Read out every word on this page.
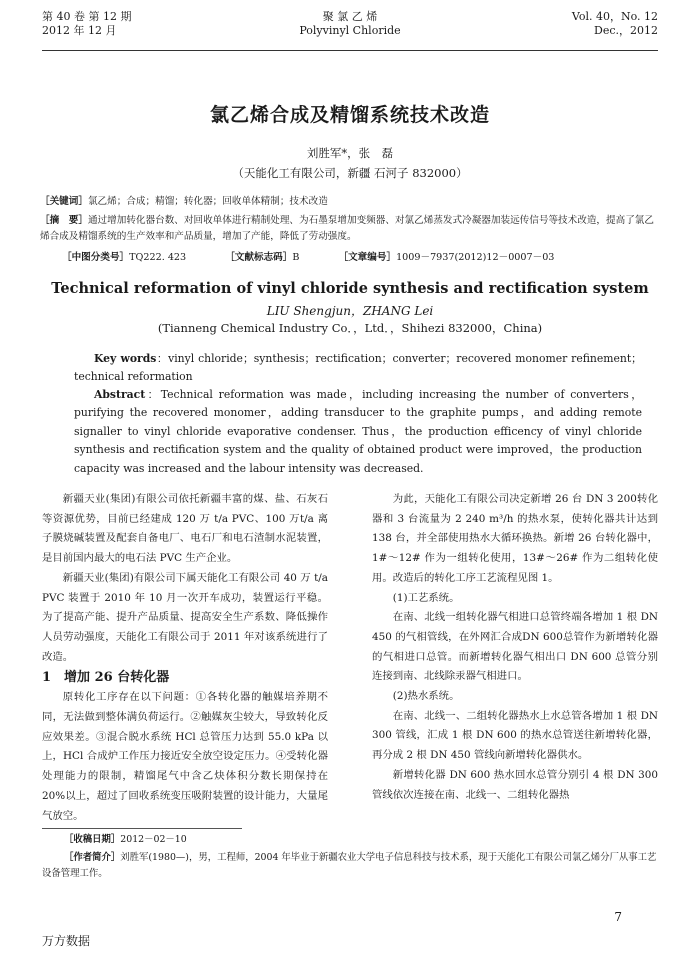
第 40 卷 第 12 期
2012 年 12 月
聚 氯 乙 烯
Polyvinyl Chloride
Vol. 40，No. 12
Dec.，2012
氯乙烯合成及精馏系统技术改造
刘胜军*，张　磊
（天能化工有限公司，新疆 石河子 832000）
［关键词］氯乙烯；合成；精馏；转化器；回收单体精制；技术改造
［摘　要］通过增加转化器台数、对回收单体进行精制处理、为石墨泵增加变频器、对氯乙烯蒸发式冷凝器加装远传信号等技术改造，提高了氯乙烯合成及精馏系统的生产效率和产品质量，增加了产能，降低了劳动强度。
［中图分类号］TQ222. 423	［文献标志码］B	［文章编号］1009－7937(2012)12－0007－03
Technical reformation of vinyl chloride synthesis and rectification system
LIU Shengjun，ZHANG Lei
(Tianneng Chemical Industry Co．，Ltd．，Shihezi 832000，China)
Key words：vinyl chloride；synthesis；rectification；converter；recovered monomer refinement；technical reformation
Abstract：Technical reformation was made，including increasing the number of converters，purifying the recovered monomer，adding transducer to the graphite pumps，and adding remote signaller to vinyl chloride evaporative condenser. Thus，the production efficency of vinyl chloride synthesis and rectification system and the quality of obtained product were improved，the production capacity was increased and the labour intensity was decreased.

新疆天业(集团)有限公司依托新疆丰富的煤、盐、石灰石等资源优势，目前已经建成 120 万 t/a PVC、100 万t/a 离子膜烧碱装置及配套自备电厂、电石厂和电石渣制水泥装置，是目前国内最大的电石法 PVC 生产企业。

新疆天业(集团)有限公司下属天能化工有限公司 40 万 t/a PVC 装置于 2010 年 10 月一次开车成功，装置运行平稳。为了提高产能、提升产品质量、提高安全生产系数、降低操作人员劳动强度，天能化工有限公司于 2011 年对该系统进行了改造。

1　增加 26 台转化器

原转化工序存在以下问题：①各转化器的触媒培养期不同，无法做到整体满负荷运行。②触媒灰尘较大，导致转化反应效果差。③混合脱水系统 HCl 总管压力达到 55.0 kPa 以上，HCl 合成炉工作压力接近安全放空设定压力。④受转化器处理能力的限制，精馏尾气中含乙炔体积分数长期保持在 20%以上，超过了回收系统变压吸附装置的设计能力，大量尾气放空。

为此，天能化工有限公司决定新增 26 台 DN 3 200转化器和 3 台流量为 2 240 m³/h 的热水泵，使转化器共计达到 138 台，并全部使用热水大循环换热。新增 26 台转化器中，1#～12# 作为一组转化使用，13#～26# 作为二组转化使用。改造后的转化工序工艺流程见图 1。

(1)工艺系统。

在南、北线一组转化器气相进口总管终端各增加 1 根 DN 450 的气相管线，在外网汇合成DN 600总管作为新增转化器的气相进口总管。而新增转化器气相出口 DN 600 总管分别连接到南、北线除汞器气相进口。

(2)热水系统。

在南、北线一、二组转化器热水上水总管各增加 1 根 DN 300 管线，汇成 1 根 DN 600 的热水总管送往新增转化器，再分成 2 根 DN 450 管线向新增转化器供水。

新增转化器 DN 600 热水回水总管分别引 4 根 DN 300 管线依次连接在南、北线一、二组转化器热

［收稿日期］2012－02－10
［作者简介］刘胜军(1980—)，男，工程师，2004 年毕业于新疆农业大学电子信息科技与技术系，现于天能化工有限公司氯乙烯分厂从事工艺设备管理工作。
7
万方数据
